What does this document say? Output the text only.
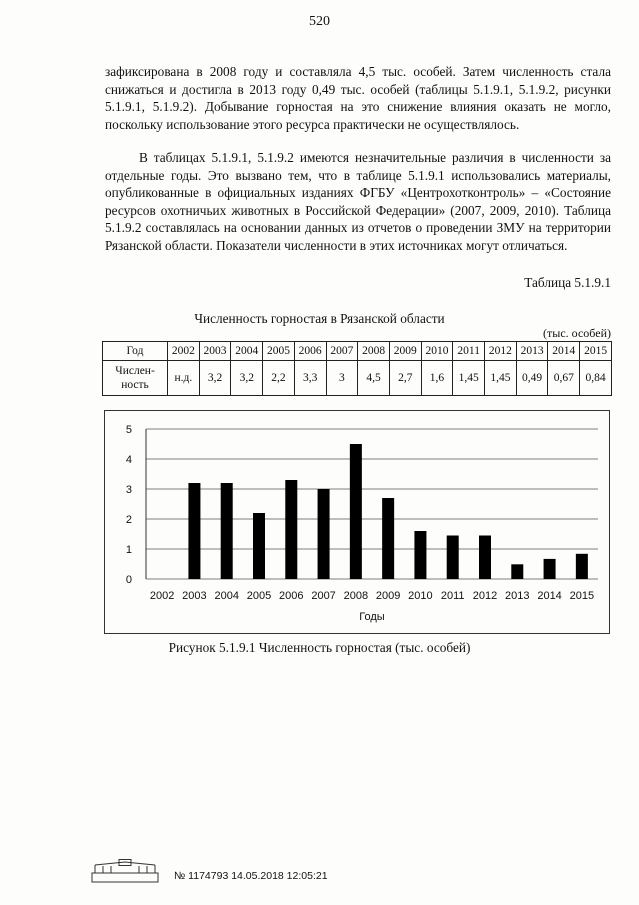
520
зафиксирована в 2008 году и составляла 4,5 тыс. особей. Затем численность стала снижаться и достигла в 2013 году 0,49 тыс. особей (таблицы 5.1.9.1, 5.1.9.2, рисунки 5.1.9.1, 5.1.9.2). Добывание горностая на это снижение влияния оказать не могло, поскольку использование этого ресурса практически не осуществлялось.
В таблицах 5.1.9.1, 5.1.9.2 имеются незначительные различия в численности за отдельные годы. Это вызвано тем, что в таблице 5.1.9.1 использовались материалы, опубликованные в официальных изданиях ФГБУ «Центрохотконтроль» – «Состояние ресурсов охотничьих животных в Российской Федерации» (2007, 2009, 2010). Таблица 5.1.9.2 составлялась на основании данных из отчетов о проведении ЗМУ на территории Рязанской области. Показатели численности в этих источниках могут отличаться.
Таблица 5.1.9.1
Численность горностая в Рязанской области
(тыс. особей)
Год	2002	2003	2004	2005	2006	2007	2008	2009	2010	2011	2012	2013	2014	2015
Числен-ность	н.д.	3,2	3,2	2,2	3,3	3	4,5	2,7	1,6	1,45	1,45	0,49	0,67	0,84
0
1
2
3
4
5
2002 2003 2004 2005 2006 2007 2008 2009 2010 2011 2012 2013 2014 2015
Годы
Рисунок 5.1.9.1 Численность горностая (тыс. особей)
№ 1174793 14.05.2018 12:05:21
